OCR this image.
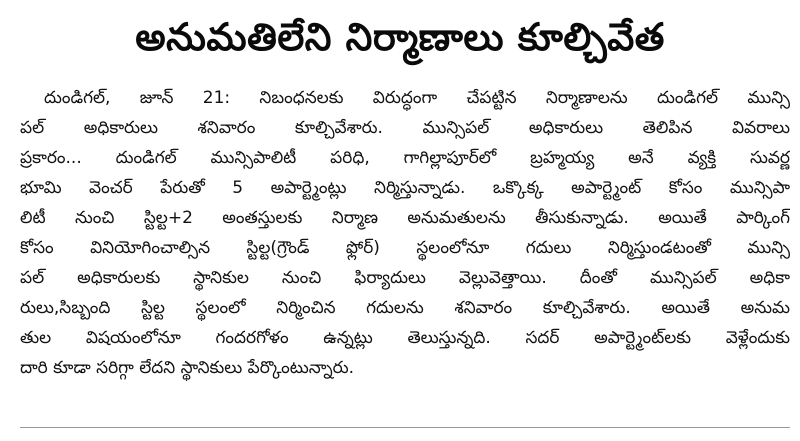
అనుమతిలేని నిర్మాణాలు కూల్చివేత
దుండిగల్, జూన్ 21: నిబంధనలకు విరుద్ధంగా చేపట్టిన నిర్మాణాలను దుండిగల్ మున్సి
పల్ అధికారులు శనివారం కూల్చివేశారు. మున్సిపల్ అధికారులు తెలిపిన వివరాలు
ప్రకారం... దుండిగల్ మున్సిపాలిటీ పరిధి, గాగిల్లాపూర్‌లో బ్రహ్మయ్య అనే వ్యక్తి సువర్ణ
భూమి వెంచర్ పేరుతో 5 అపార్ట్మెంట్లు నిర్మిస్తున్నాడు. ఒక్కొక్క అపార్ట్మెంట్ కోసం మున్సిపా
లిటీ నుంచి స్టిల్ట+2 అంతస్తులకు నిర్మాణ అనుమతులను తీసుకున్నాడు. అయితే పార్కింగ్
కోసం వినియోగించాల్సిన స్టిల్ట(గ్రౌండ్ ఫ్లోర్) స్థలంలోనూ గదులు నిర్మిస్తుండటంతో మున్సి
పల్ అధికారులకు స్థానికుల నుంచి ఫిర్యాదులు వెల్లువెత్తాయి. దీంతో మున్సిపల్ అధికా
రులు,సిబ్బంది స్టిల్ట స్థలంలో నిర్మించిన గదులను శనివారం కూల్చివేశారు. అయితే అనుమ
తుల విషయంలోనూ గందరగోళం ఉన్నట్లు తెలుస్తున్నది. సదర్ అపార్ట్మెంట్‌లకు వెళ్లేందుకు
దారి కూడా సరిగ్గా లేదని స్థానికులు పేర్కొంటున్నారు.
